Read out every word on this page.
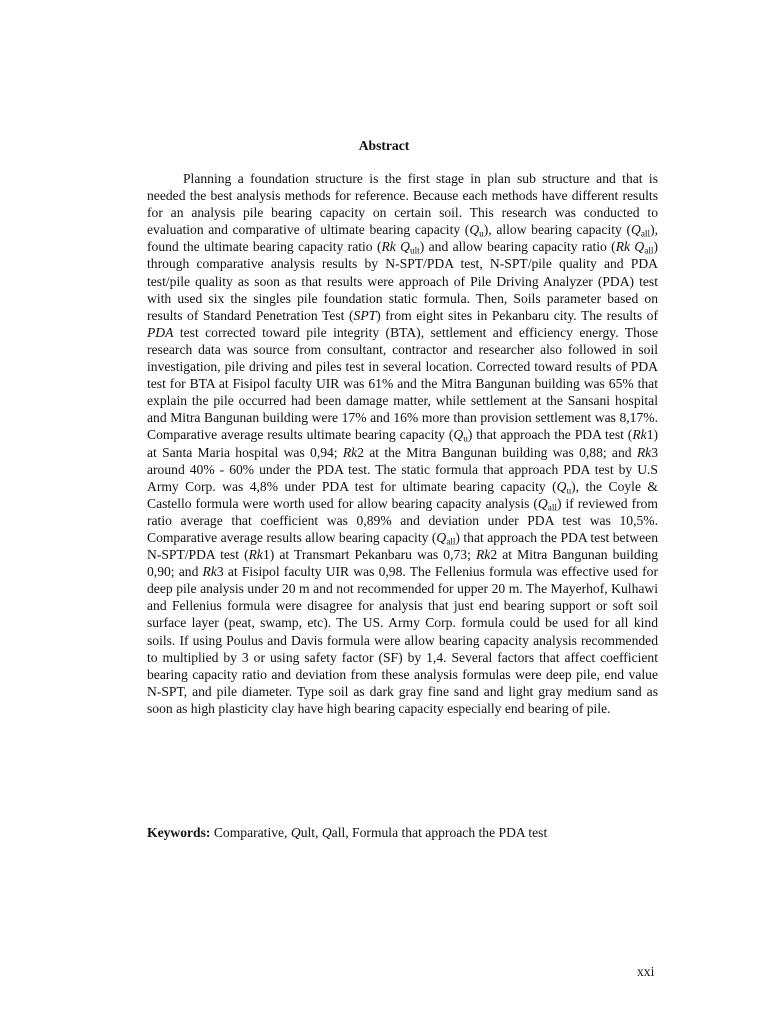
Abstract

Planning a foundation structure is the first stage in plan sub structure and that is needed the best analysis methods for reference. Because each methods have different results for an analysis pile bearing capacity on certain soil. This research was conducted to evaluation and comparative of ultimate bearing capacity $(Q_u)$, allow bearing capacity $(Q_{all})$, found the ultimate bearing capacity ratio (Rk $Q_{ult}$) and allow bearing capacity ratio (Rk $Q_{all}$) through comparative analysis results by N-SPT/PDA test, N-SPT/pile quality and PDA test/pile quality as soon as that results were approach of Pile Driving Analyzer (PDA) test with used six the singles pile foundation static formula. Then, Soils parameter based on results of Standard Penetration Test (SPT) from eight sites in Pekanbaru city. The results of PDA test corrected toward pile integrity (BTA), settlement and efficiency energy. Those research data was source from consultant, contractor and researcher also followed in soil investigation, pile driving and piles test in several location. Corrected toward results of PDA test for BTA at Fisipol faculty UIR was 61% and the Mitra Bangunan building was 65% that explain the pile occurred had been damage matter, while settlement at the Sansani hospital and Mitra Bangunan building were 17% and 16% more than provision settlement was 8,17%. Comparative average results ultimate bearing capacity $(Q_u)$ that approach the PDA test (Rk1) at Santa Maria hospital was 0,94; Rk2 at the Mitra Bangunan building was 0,88; and Rk3 around 40% - 60% under the PDA test. The static formula that approach PDA test by U.S Army Corp. was 4,8% under PDA test for ultimate bearing capacity $(Q_u)$, the Coyle & Castello formula were worth used for allow bearing capacity analysis $(Q_{all})$ if reviewed from ratio average that coefficient was 0,89% and deviation under PDA test was 10,5%. Comparative average results allow bearing capacity $(Q_{all})$ that approach the PDA test between N-SPT/PDA test (Rk1) at Transmart Pekanbaru was 0,73; Rk2 at Mitra Bangunan building 0,90; and Rk3 at Fisipol faculty UIR was 0,98. The Fellenius formula was effective used for deep pile analysis under 20 m and not recommended for upper 20 m. The Mayerhof, Kulhawi and Fellenius formula were disagree for analysis that just end bearing support or soft soil surface layer (peat, swamp, etc). The US. Army Corp. formula could be used for all kind soils. If using Poulus and Davis formula were allow bearing capacity analysis recommended to multiplied by 3 or using safety factor (SF) by 1,4. Several factors that affect coefficient bearing capacity ratio and deviation from these analysis formulas were deep pile, end value N-SPT, and pile diameter. Type soil as dark gray fine sand and light gray medium sand as soon as high plasticity clay have high bearing capacity especially end bearing of pile.

Keywords: Comparative, Qult, Qall, Formula that approach the PDA test

xxi
